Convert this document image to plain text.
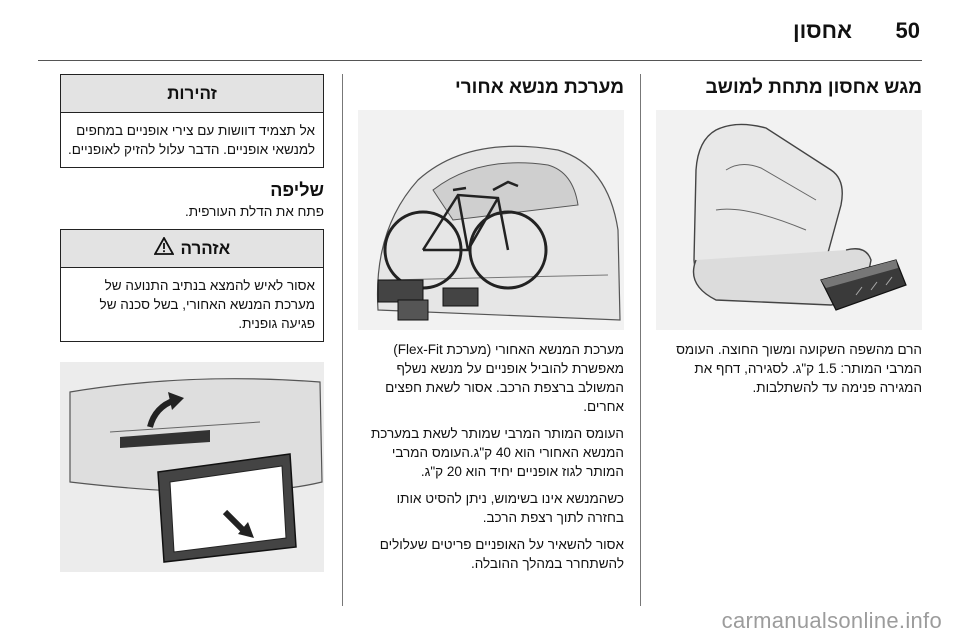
50
אחסון
מגש אחסון מתחת למושב

הרם מהשפה השקועה ומשוך החוצה. העומס המרבי המותר: 1.5 ק"ג. לסגירה, דחף את המגירה פנימה עד להשתלבות.

מערכת מנשא אחורי

מערכת המנשא האחורי (מערכת Flex-Fit) מאפשרת להוביל אופניים על מנשא נשלף המשולב ברצפת הרכב. אסור לשאת חפצים אחרים.

העומס המותר המרבי שמותר לשאת במערכת המנשא האחורי הוא 40 ק"ג.העומס המרבי המותר לגוז אופניים יחיד הוא 20 ק"ג.

כשהמנשא אינו בשימוש, ניתן להסיט אותו בחזרה לתוך רצפת הרכב.

אסור להשאיר על האופניים פריטים שעלולים להשתחרר במהלך ההובלה.

זהירות
אל תצמיד דוושות עם צירי אופניים במחפים למנשאי אופניים. הדבר עלול להזיק לאופניים.
שליפה

פתח את הדלת העורפית.

אזהרה
אסור לאיש להמצא בנתיב התנועה של מערכת המנשא האחורי, בשל סכנה של פגיעה גופנית.
carmanualsonline.info
